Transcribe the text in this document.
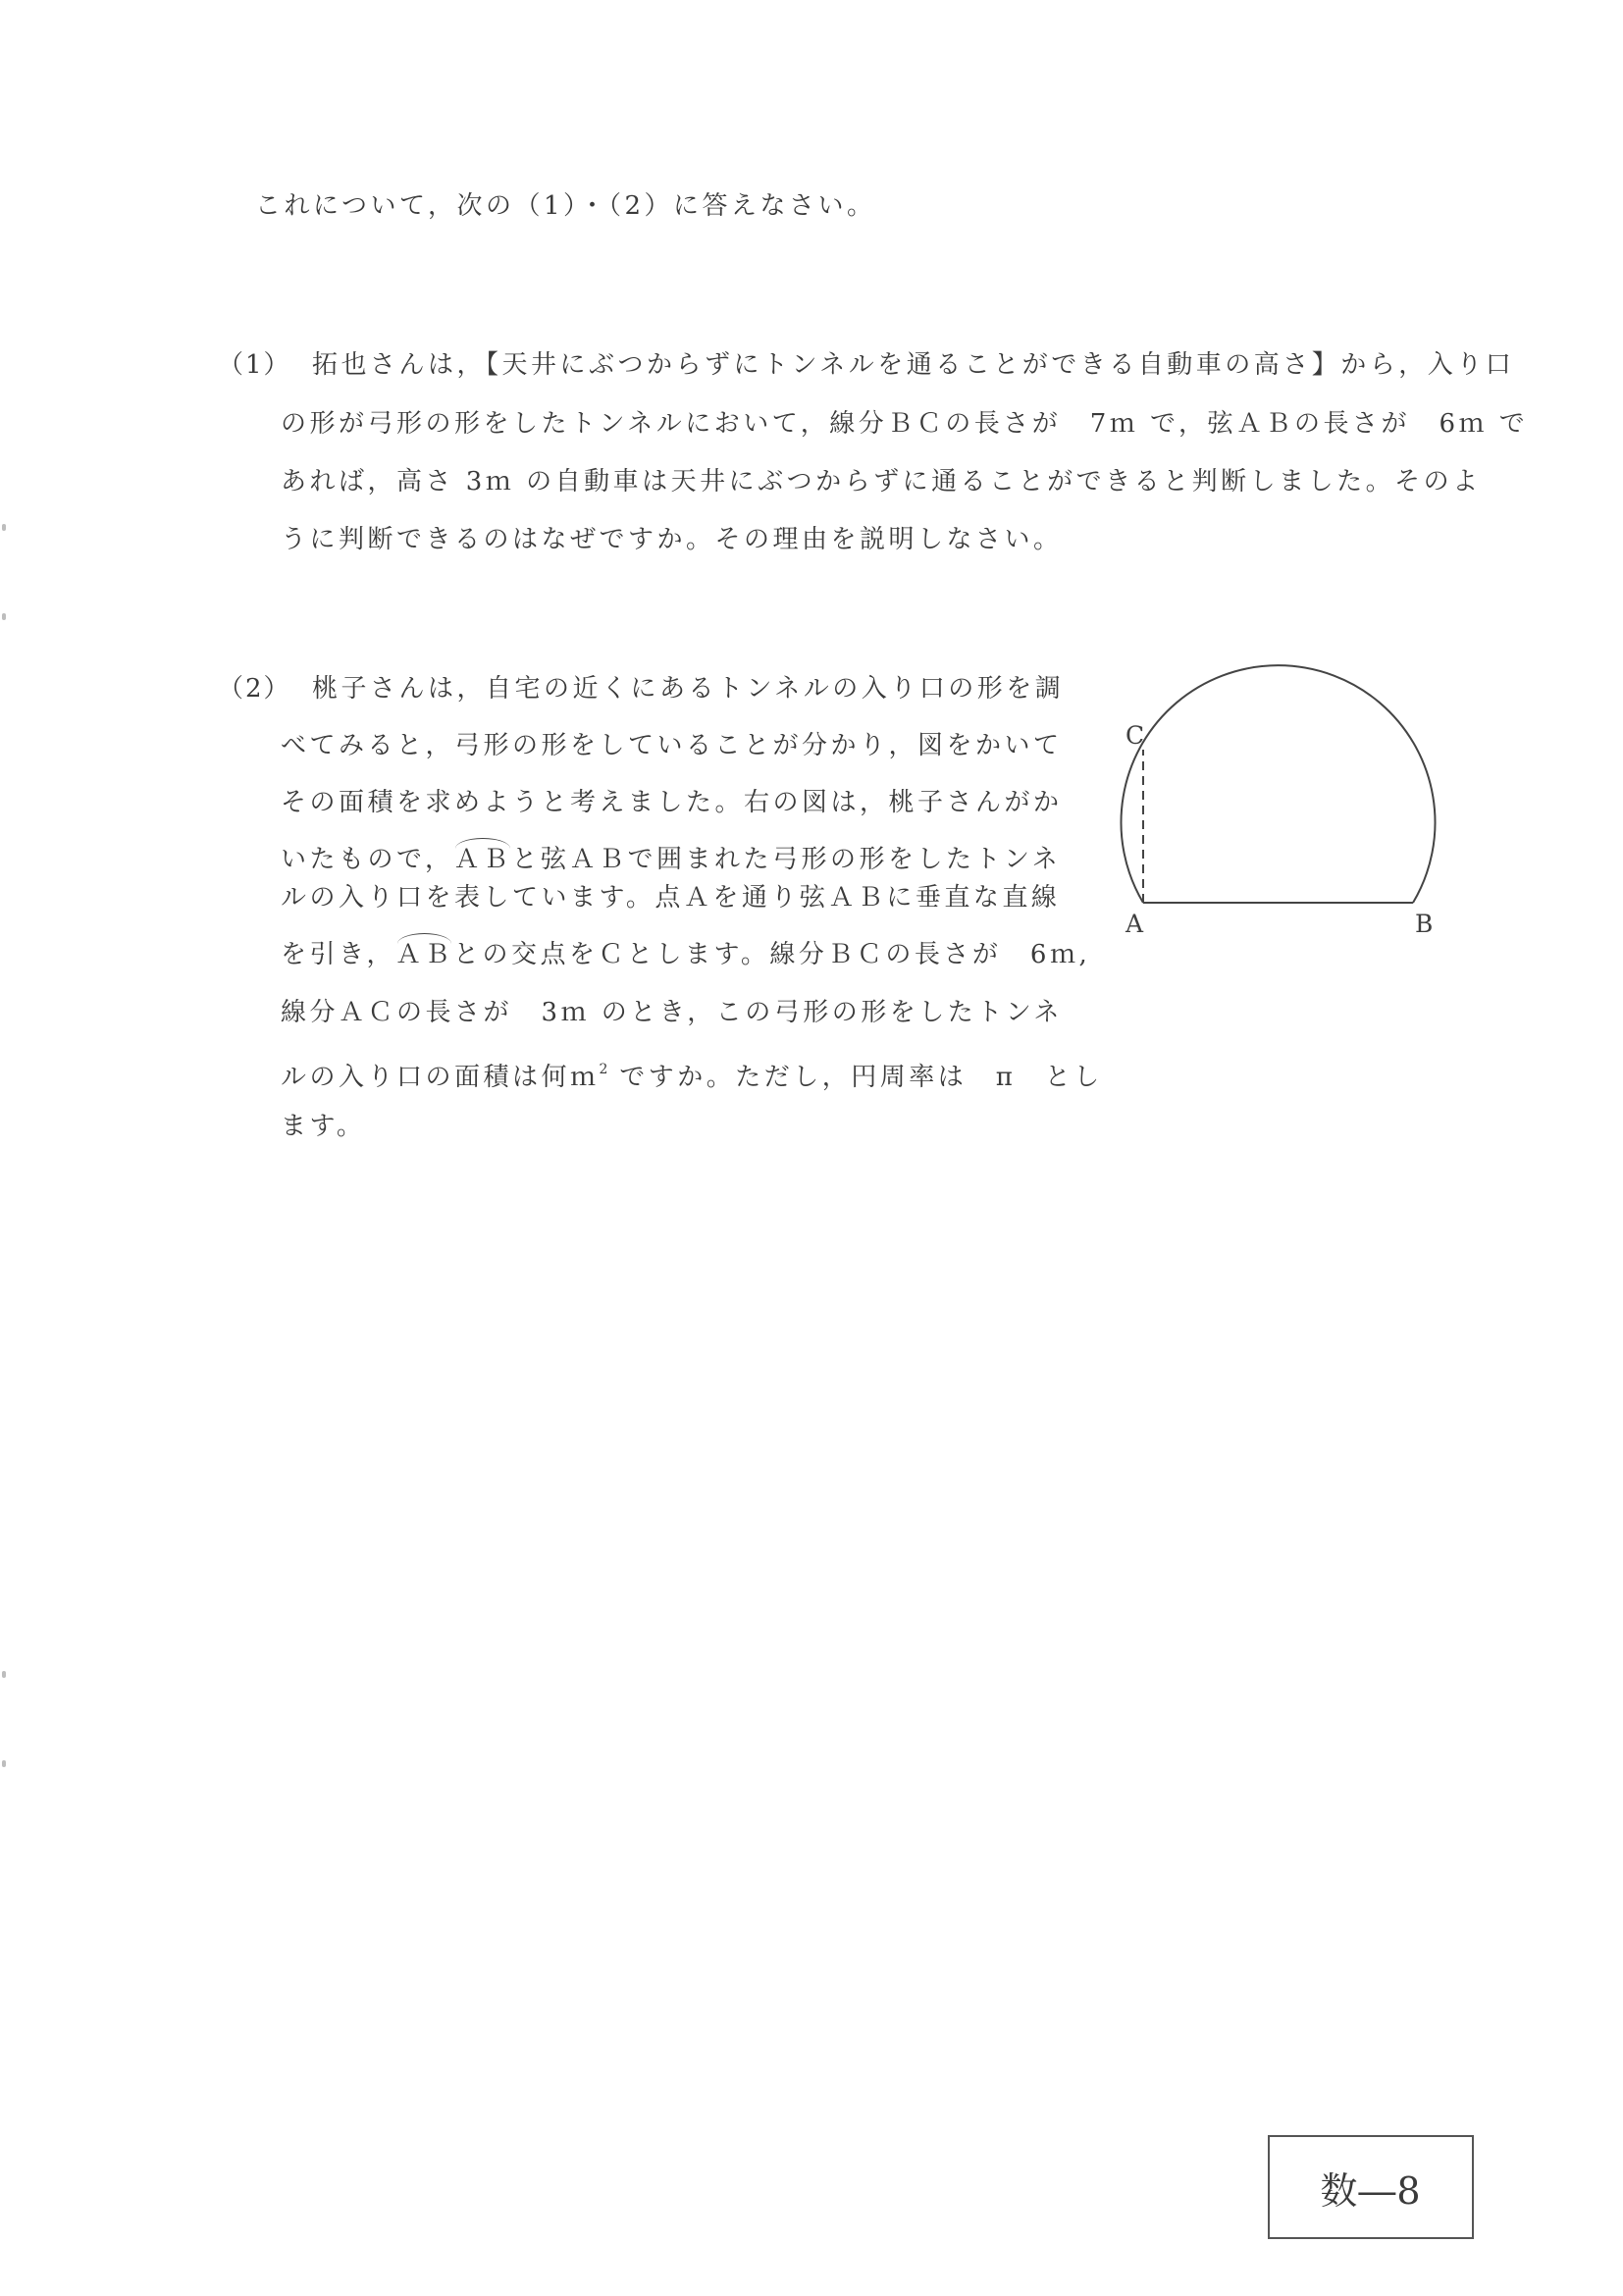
これについて，次の（1）・（2）に答えなさい。
（1） 拓也さんは，【天井にぶつからずにトンネルを通ることができる自動車の高さ】から，入り口
の形が弓形の形をしたトンネルにおいて，線分ＢＣの長さが　7ｍ で，弦ＡＢの長さが　6ｍ で
あれば，高さ 3ｍ の自動車は天井にぶつからずに通ることができると判断しました。そのよ
うに判断できるのはなぜですか。その理由を説明しなさい。
（2） 桃子さんは，自宅の近くにあるトンネルの入り口の形を調
べてみると，弓形の形をしていることが分かり，図をかいて
その面積を求めようと考えました。右の図は，桃子さんがか
いたもので，ＡＢと弦ＡＢで囲まれた弓形の形をしたトンネ
ルの入り口を表しています。点Ａを通り弦ＡＢに垂直な直線
を引き，ＡＢとの交点をＣとします。線分ＢＣの長さが　6ｍ,
線分ＡＣの長さが　3ｍ のとき，この弓形の形をしたトンネ
ルの入り口の面積は何ｍ$^2$ ですか。ただし，円周率は　π　とし
ます。
C
A	B
数―8
